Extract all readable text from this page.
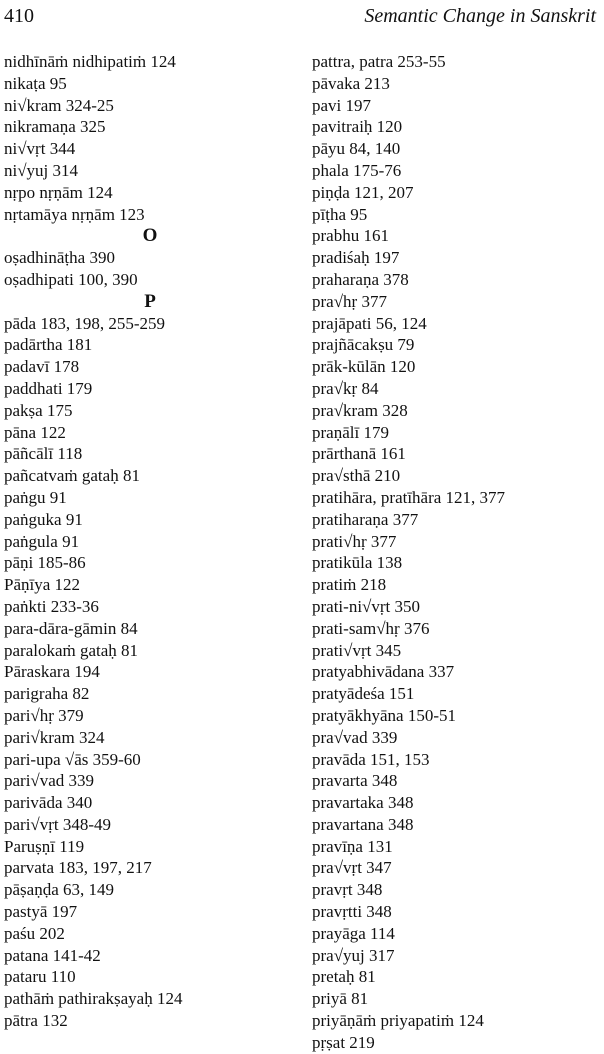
410	Semantic Change in Sanskrit
nidhīnāṁ nidhipatiṁ 124
nikaṭa 95
ni√kram 324-25
nikramaṇa 325
ni√vṛt 344
ni√yuj 314
nṛpo nṛṇām 124
nṛtamāya nṛṇām 123
O
oṣadhināṭha 390
oṣadhipati 100, 390
P
pāda 183, 198, 255-259
padārtha 181
padavī 178
paddhati 179
pakṣa 175
pāna 122
pāñcālī 118
pañcatvaṁ gataḥ 81
paṅgu 91
paṅguka 91
paṅgula 91
pāṇi 185-86
Pāṇīya 122
paṅkti 233-36
para-dāra-gāmin 84
paralokaṁ gataḥ 81
Pāraskara 194
parigraha 82
pari√hṛ 379
pari√kram 324
pari-upa √ās 359-60
pari√vad 339
parivāda 340
pari√vṛt 348-49
Paruṣṇī 119
parvata 183, 197, 217
pāṣaṇḍa 63, 149
pastyā 197
paśu 202
patana 141-42
pataru 110
pathāṁ pathirakṣayaḥ 124
pātra 132
pattra, patra 253-55
pāvaka 213
pavi 197
pavitraiḥ 120
pāyu 84, 140
phala 175-76
piṇḍa 121, 207
pīṭha 95
prabhu 161
pradiśaḥ 197
praharaṇa 378
pra√hṛ 377
prajāpati 56, 124
prajñācakṣu 79
prāk-kūlān 120
pra√kṛ 84
pra√kram 328
praṇālī 179
prārthanā 161
pra√sthā 210
pratihāra, pratīhāra 121, 377
pratiharaṇa 377
prati√hṛ 377
pratikūla 138
pratiṁ 218
prati-ni√vṛt 350
prati-sam√hṛ 376
prati√vṛt 345
pratyabhivādana 337
pratyādeśa 151
pratyākhyāna 150-51
pra√vad 339
pravāda 151, 153
pravarta 348
pravartaka 348
pravartana 348
pravīṇa 131
pra√vṛt 347
pravṛt 348
pravṛtti 348
prayāga 114
pra√yuj 317
pretaḥ 81
priyā 81
priyāṇāṁ priyapatiṁ 124
pṛṣat 219
